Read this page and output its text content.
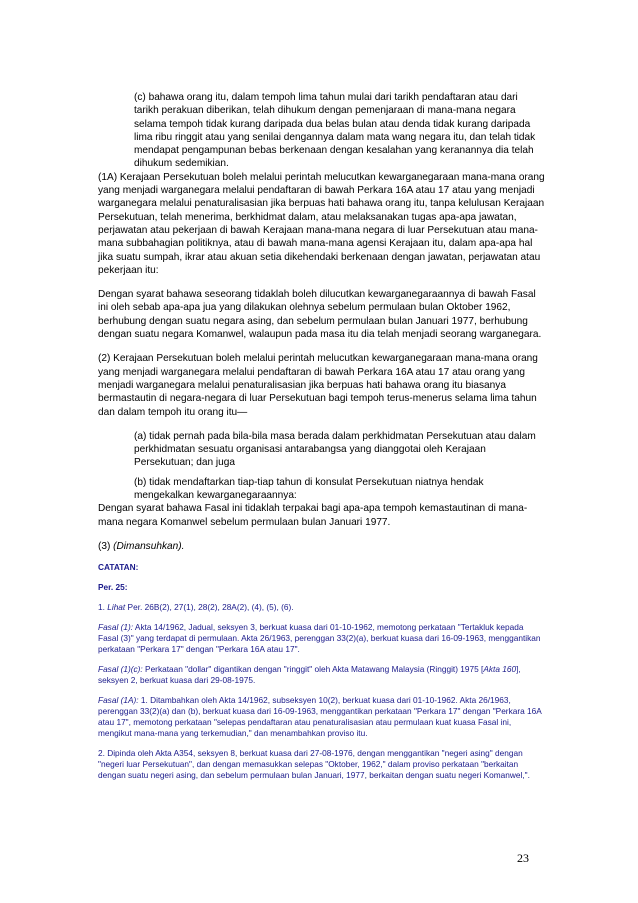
(c) bahawa orang itu, dalam tempoh lima tahun mulai dari tarikh pendaftaran atau dari tarikh perakuan diberikan, telah dihukum dengan pemenjaraan di mana-mana negara selama tempoh tidak kurang daripada dua belas bulan atau denda tidak kurang daripada lima ribu ringgit atau yang senilai dengannya dalam mata wang negara itu, dan telah tidak mendapat pengampunan bebas berkenaan dengan kesalahan yang keranannya dia telah dihukum sedemikian.

(1A) Kerajaan Persekutuan boleh melalui perintah melucutkan kewarganegaraan mana-mana orang yang menjadi warganegara melalui pendaftaran di bawah Perkara 16A atau 17 atau yang menjadi warganegara melalui penaturalisasian jika berpuas hati bahawa orang itu, tanpa kelulusan Kerajaan Persekutuan, telah menerima, berkhidmat dalam, atau melaksanakan tugas apa-apa jawatan, perjawatan atau pekerjaan di bawah Kerajaan mana-mana negara di luar Persekutuan atau mana-mana subbahagian politiknya, atau di bawah mana-mana agensi Kerajaan itu, dalam apa-apa hal jika suatu sumpah, ikrar atau akuan setia dikehendaki berkenaan dengan jawatan, perjawatan atau pekerjaan itu:

Dengan syarat bahawa seseorang tidaklah boleh dilucutkan kewarganegaraannya di bawah Fasal ini oleh sebab apa-apa jua yang dilakukan olehnya sebelum permulaan bulan Oktober 1962, berhubung dengan suatu negara asing, dan sebelum permulaan bulan Januari 1977, berhubung dengan suatu negara Komanwel, walaupun pada masa itu dia telah menjadi seorang warganegara.

(2) Kerajaan Persekutuan boleh melalui perintah melucutkan kewarganegaraan mana-mana orang yang menjadi warganegara melalui pendaftaran di bawah Perkara 16A atau 17 atau orang yang menjadi warganegara melalui penaturalisasian jika berpuas hati bahawa orang itu biasanya bermastautin di negara-negara di luar Persekutuan bagi tempoh terus-menerus selama lima tahun dan dalam tempoh itu orang itu—

(a) tidak pernah pada bila-bila masa berada dalam perkhidmatan Persekutuan atau dalam perkhidmatan sesuatu organisasi antarabangsa yang dianggotai oleh Kerajaan Persekutuan; dan juga

(b) tidak mendaftarkan tiap-tiap tahun di konsulat Persekutuan niatnya hendak mengekalkan kewarganegaraannya:

Dengan syarat bahawa Fasal ini tidaklah terpakai bagi apa-apa tempoh kemastautinan di mana-mana negara Komanwel sebelum permulaan bulan Januari 1977.

(3) (Dimansuhkan).

CATATAN:

Per. 25:

1. Lihat Per. 26B(2), 27(1), 28(2), 28A(2), (4), (5), (6).

Fasal (1): Akta 14/1962, Jadual, seksyen 3, berkuat kuasa dari 01-10-1962, memotong perkataan "Tertakluk kepada Fasal (3)" yang terdapat di permulaan. Akta 26/1963, perenggan 33(2)(a), berkuat kuasa dari 16-09-1963, menggantikan perkataan "Perkara 17" dengan "Perkara 16A atau 17".

Fasal (1)(c): Perkataan "dollar" digantikan dengan "ringgit" oleh Akta Matawang Malaysia (Ringgit) 1975 [Akta 160], seksyen 2, berkuat kuasa dari 29-08-1975.

Fasal (1A): 1. Ditambahkan oleh Akta 14/1962, subseksyen 10(2), berkuat kuasa dari 01-10-1962. Akta 26/1963, perenggan 33(2)(a) dan (b), berkuat kuasa dari 16-09-1963, menggantikan perkataan "Perkara 17" dengan "Perkara 16A atau 17", memotong perkataan "selepas pendaftaran atau penaturalisasian atau permulaan kuat kuasa Fasal ini, mengikut mana-mana yang terkemudian," dan menambahkan proviso itu.

2. Dipinda oleh Akta A354, seksyen 8, berkuat kuasa dari 27-08-1976, dengan menggantikan "negeri asing" dengan "negeri luar Persekutuan", dan dengan memasukkan selepas "Oktober, 1962," dalam proviso perkataan "berkaitan dengan suatu negeri asing, dan sebelum permulaan bulan Januari, 1977, berkaitan dengan suatu negeri Komanwel,".

23
